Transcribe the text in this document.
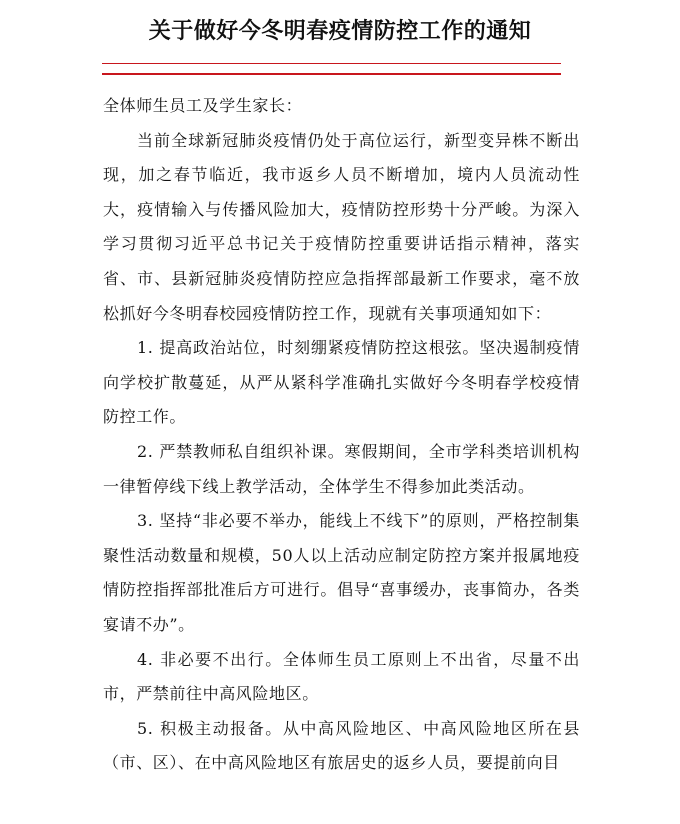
关于做好今冬明春疫情防控工作的通知

全体师生员工及学生家长：

当前全球新冠肺炎疫情仍处于高位运行，新型变异株不断出现，加之春节临近，我市返乡人员不断增加，境内人员流动性大，疫情输入与传播风险加大，疫情防控形势十分严峻。为深入学习贯彻习近平总书记关于疫情防控重要讲话指示精神，落实省、市、县新冠肺炎疫情防控应急指挥部最新工作要求，毫不放松抓好今冬明春校园疫情防控工作，现就有关事项通知如下：

1. 提高政治站位，时刻绷紧疫情防控这根弦。坚决遏制疫情向学校扩散蔓延，从严从紧科学准确扎实做好今冬明春学校疫情防控工作。

2. 严禁教师私自组织补课。寒假期间，全市学科类培训机构一律暂停线下线上教学活动，全体学生不得参加此类活动。

3. 坚持“非必要不举办，能线上不线下”的原则，严格控制集聚性活动数量和规模，50人以上活动应制定防控方案并报属地疫情防控指挥部批准后方可进行。倡导“喜事缓办，丧事简办，各类宴请不办”。

4. 非必要不出行。全体师生员工原则上不出省，尽量不出市，严禁前往中高风险地区。

5. 积极主动报备。从中高风险地区、中高风险地区所在县（市、区）、在中高风险地区有旅居史的返乡人员，要提前向目
